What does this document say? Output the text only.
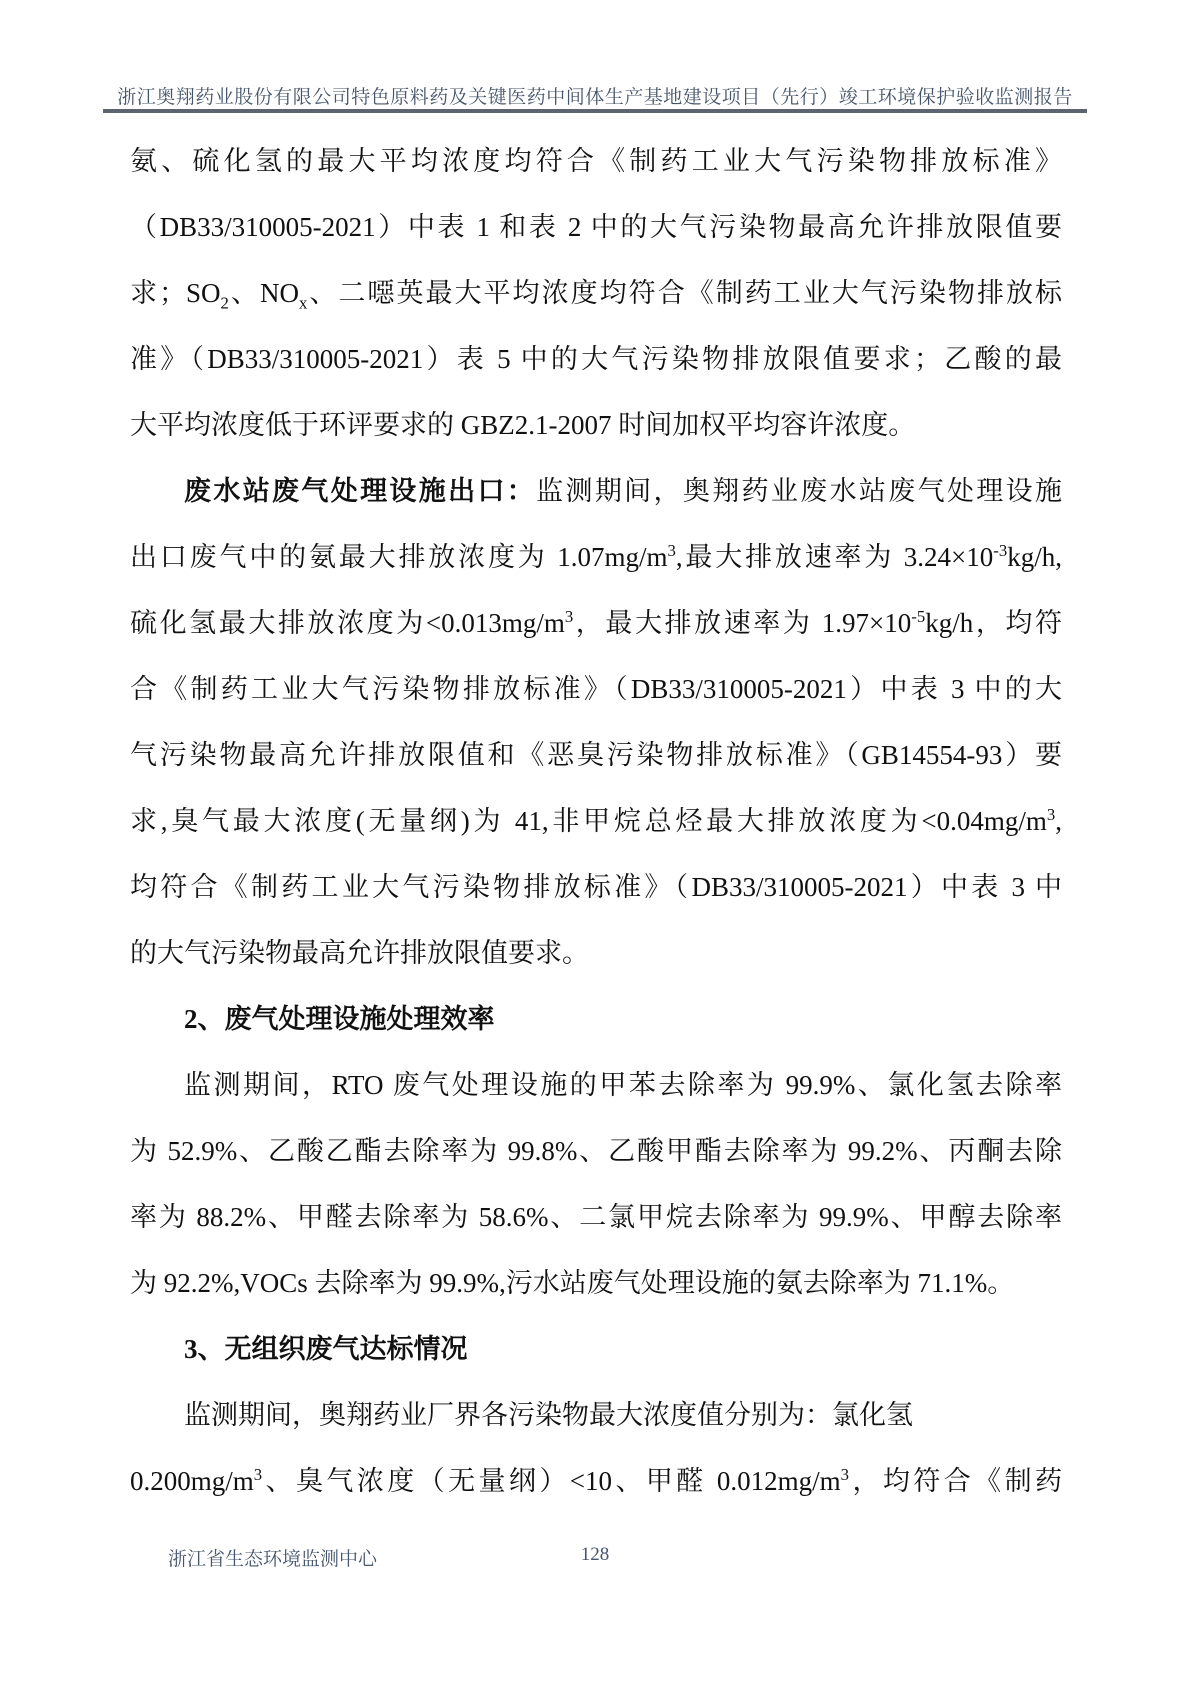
浙江奥翔药业股份有限公司特色原料药及关键医药中间体生产基地建设项目（先行）竣工环境保护验收监测报告
氨、硫化氢的最大平均浓度均符合《制药工业大气污染物排放标准》
（DB33/310005-2021）中表 1 和表 2 中的大气污染物最高允许排放限值要
求；$SO_2$、$NO_x$、二噁英最大平均浓度均符合《制药工业大气污染物排放标
准》（DB33/310005-2021）表 5 中的大气污染物排放限值要求；乙酸的最
大平均浓度低于环评要求的 GBZ2.1-2007 时间加权平均容许浓度。
废水站废气处理设施出口：监测期间，奥翔药业废水站废气处理设施
出口废气中的氨最大排放浓度为 $1.07mg/m^3$,最大排放速率为 $3.24\times 10^{-3}kg/h$,
硫化氢最大排放浓度为$<0.013mg/m^3$，最大排放速率为 $1.97\times 10^{-5}kg/h$，均符
合《制药工业大气污染物排放标准》（DB33/310005-2021）中表 3 中的大
气污染物最高允许排放限值和《恶臭污染物排放标准》（GB14554-93）要
求,臭气最大浓度(无量纲)为 41,非甲烷总烃最大排放浓度为$<0.04mg/m^3$,
均符合《制药工业大气污染物排放标准》（DB33/310005-2021）中表 3 中
的大气污染物最高允许排放限值要求。
2、废气处理设施处理效率
监测期间，RTO 废气处理设施的甲苯去除率为 99.9%、氯化氢去除率
为 52.9%、乙酸乙酯去除率为 99.8%、乙酸甲酯去除率为 99.2%、丙酮去除
率为 88.2%、甲醛去除率为 58.6%、二氯甲烷去除率为 99.9%、甲醇去除率
为 92.2%,VOCs 去除率为 99.9%,污水站废气处理设施的氨去除率为 71.1%。
3、无组织废气达标情况
监测期间，奥翔药业厂界各污染物最大浓度值分别为：氯化氢
$0.200mg/m^3$、臭气浓度（无量纲）<10、甲醛 $0.012mg/m^3$，均符合《制药
浙江省生态环境监测中心	128
